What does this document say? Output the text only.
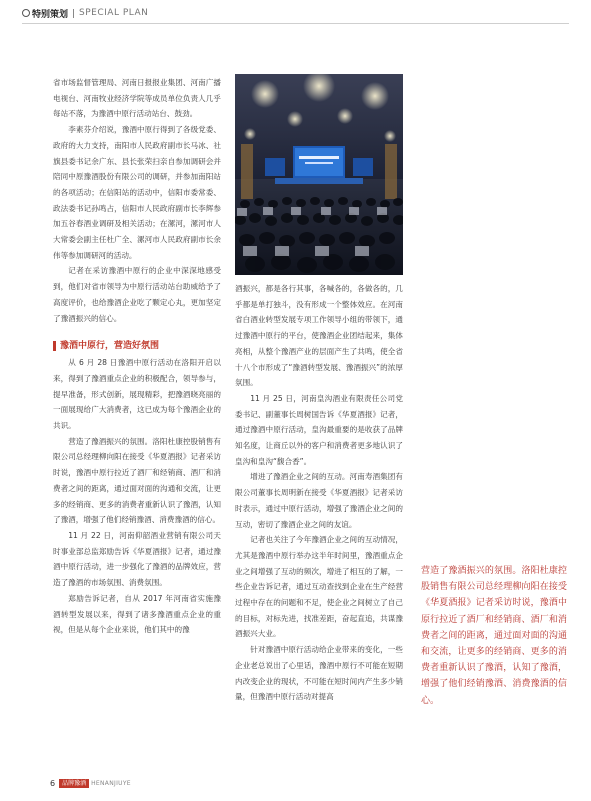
特别策划 SPECIAL PLAN

省市场监督管理局、河南日报报业集团、河南广播电视台、河南牧业经济学院等成员单位负责人几乎每站不落，为豫酒中原行活动站台、鼓劲。

李素芬介绍说，豫酒中原行得到了各级党委、政府的大力支持，南阳市人民政府副市长马冰、社旗县委书记余广东、县长张荣扫亲自参加调研会并陪同中原豫酒股份有限公司的调研，并参加南阳站的各项活动；在信阳站的活动中，信阳市委常委、政法委书记孙鸣占，信阳市人民政府副市长李辉参加五谷春酒业调研及相关活动；在漯河，漯河市人大常委会副主任杜广全、漯河市人民政府副市长余伟等参加调研河的活动。

记者在采访豫酒中原行的企业中深深地感受到，他们对省市领导为中原行活动站台助威给予了高度评价，也给豫酒企业吃了颗定心丸，更加坚定了豫酒振兴的信心。

豫酒中原行，营造好氛围

从 6 月 28 日豫酒中原行活动在洛阳开启以来，得到了豫酒重点企业的积极配合，领导参与，提早准备，形式创新，展现精彩，把豫酒晓亮丽的一面展现给广大消费者，这已成为每个豫酒企业的共识。

营造了豫酒振兴的氛围。洛阳杜康控股销售有限公司总经理柳向阳在接受《华夏酒报》记者采访时说，豫酒中原行拉近了酒厂和经销商、酒厂和消费者之间的距离，通过面对面的沟通和交流，让更多的经销商、更多的消费者重新认识了豫酒，认知了豫酒，增强了他们经销豫酒、消费豫酒的信心。

11 月 22 日，河南仰韶酒业营销有限公司天时事业部总监郑励告诉《华夏酒报》记者，通过豫酒中原行活动，进一步强化了豫酒的品牌效应，营造了豫酒的市场氛围、消费氛围。

郑励告诉记者，自从 2017 年河南省实施豫酒转型发展以来，得到了诸多豫酒重点企业的重视，但是从每个企业来说，他们其中的豫

酒振兴，都是各行其事，各喊各的，各做各的，几乎都是单打独斗，没有形成一个整体效应。在河南省白酒业转型发展专项工作领导小组的带领下，通过豫酒中原行的平台，使豫酒企业团结起来，集体亮相，从整个豫酒产业的层面产生了共鸣，使全省十八个市形成了“豫酒转型发展、豫酒振兴”的浓厚氛围。

11 月 25 日，河南皇沟酒业有限责任公司党委书记、副董事长周树国告诉《华夏酒报》记者，通过豫酒中原行活动，皇沟最重要的是收获了品牌知名度，让商丘以外的客户和消费者更多地认识了皇沟和皇沟“馥合香”。

增进了豫酒企业之间的互动。河南寿酒集团有限公司董事长周明新在接受《华夏酒报》记者采访时表示，通过中原行活动，增强了豫酒企业之间的互动，密切了豫酒企业之间的友谊。

记者也关注了今年豫酒企业之间的互动情况，尤其是豫酒中原行举办这半年时间里，豫酒重点企业之间增强了互动的频次，增进了相互的了解，一些企业告诉记者，通过互动查找到企业在生产经营过程中存在的问题和不足，使企业之间树立了自己的目标，对标先进，找准差距，奋起直追，共谋豫酒振兴大业。

针对豫酒中原行活动给企业带来的变化，一些企业老总说出了心里话，豫酒中原行不可能在短期内改变企业的现状，不可能在短时间内产生多少销量，但豫酒中原行活动对提高

营造了豫酒振兴的氛围。洛阳杜康控股销售有限公司总经理柳向阳在接受《华夏酒报》记者采访时说，豫酒中原行拉近了酒厂和经销商、酒厂和消费者之间的距离，通过面对面的沟通和交流，让更多的经销商、更多的消费者重新认识了豫酒，认知了豫酒，增强了他们经销豫酒、消费豫酒的信心。

6	品牌豫酒 HENANJIUYE
